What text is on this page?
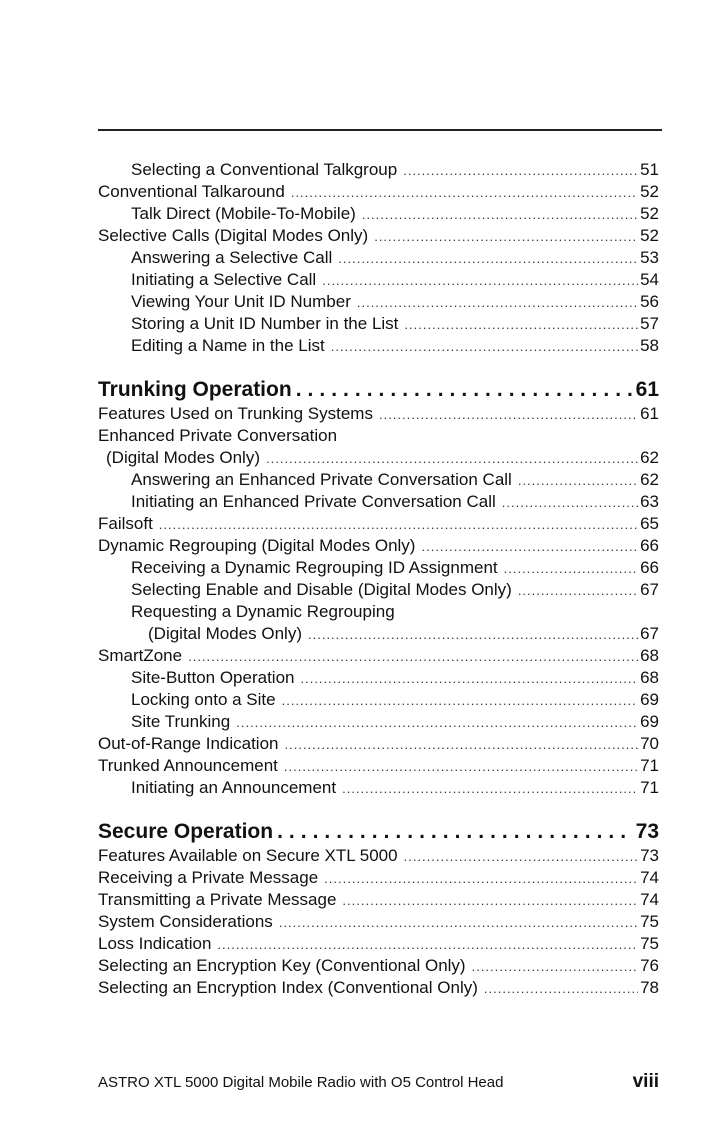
Selecting a Conventional Talkgroup .....	51
Conventional Talkaround .....	52
Talk Direct (Mobile-To-Mobile) .....	52
Selective Calls (Digital Modes Only) .....	52
Answering a Selective Call .....	53
Initiating a Selective Call .....	54
Viewing Your Unit ID Number .....	56
Storing a Unit ID Number in the List .....	57
Editing a Name in the List .....	58
Trunking Operation .....	61
Features Used on Trunking Systems .....	61
Enhanced Private Conversation
(Digital Modes Only) .....	62
Answering an Enhanced Private Conversation Call .....	62
Initiating an Enhanced Private Conversation Call .....	63
Failsoft .....	65
Dynamic Regrouping (Digital Modes Only) .....	66
Receiving a Dynamic Regrouping ID Assignment .....	66
Selecting Enable and Disable (Digital Modes Only) .....	67
Requesting a Dynamic Regrouping
(Digital Modes Only) .....	67
SmartZone .....	68
Site-Button Operation .....	68
Locking onto a Site .....	69
Site Trunking .....	69
Out-of-Range Indication .....	70
Trunked Announcement .....	71
Initiating an Announcement .....	71
Secure Operation .....	73
Features Available on Secure XTL 5000 .....	73
Receiving a Private Message .....	74
Transmitting a Private Message .....	74
System Considerations .....	75
Loss Indication .....	75
Selecting an Encryption Key (Conventional Only) .....	76
Selecting an Encryption Index (Conventional Only) .....	78
ASTRO XTL 5000 Digital Mobile Radio with O5 Control Head	viii
